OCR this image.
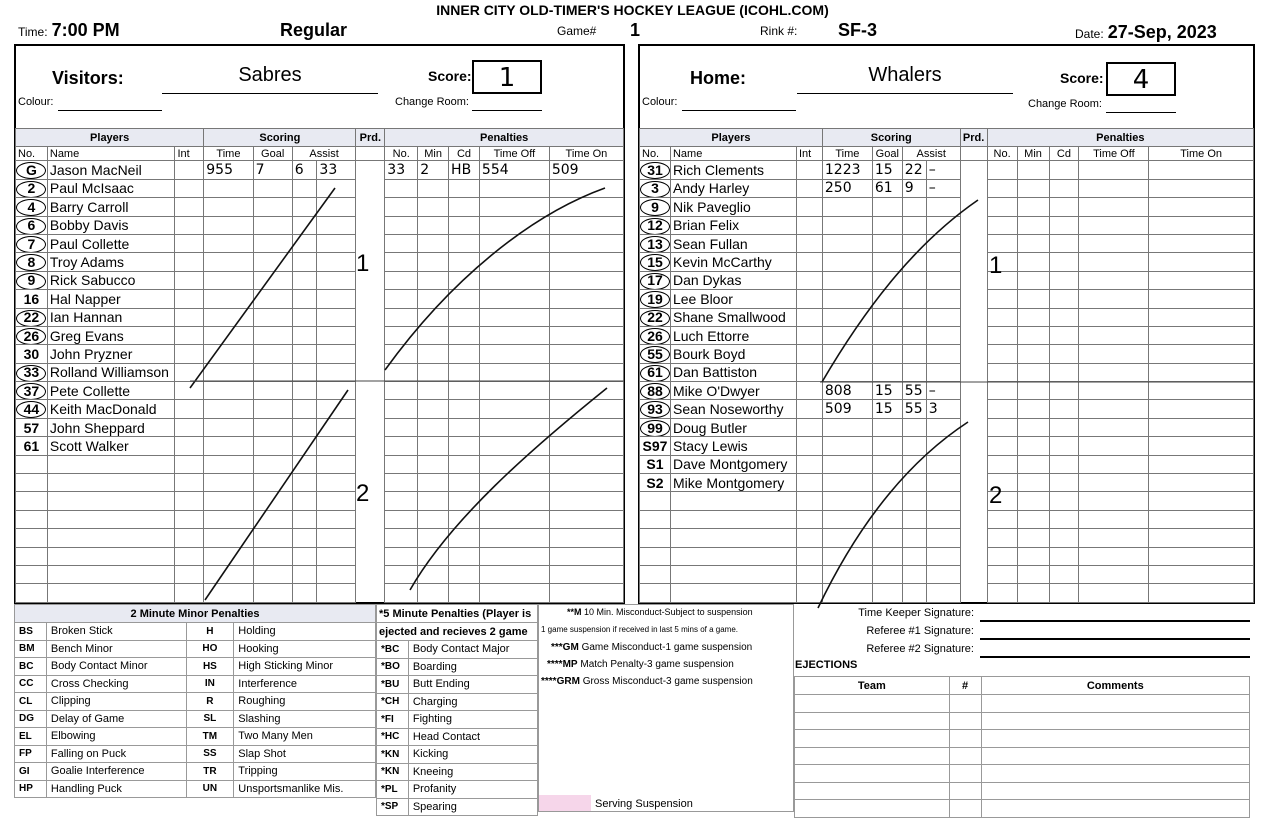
INNER CITY OLD-TIMER'S HOCKEY LEAGUE (ICOHL.COM)
Time: 7:00 PM	Regular	Game# 1	Rink #: SF-3	Date: 27-Sep, 2023
Visitors:	Sabres	Score:	1
Colour:	Change Room:
Players			Scoring				Prd.	Penalties				
No.	Name	Int	Time	Goal	Assist			No.	Min	Cd	Time Off	Time On
G	Jason MacNeil		955	7	6	33		33	2	HB	554	509
2	Paul McIsaac											
4	Barry Carroll											
6	Bobby Davis											
7	Paul Collette											
8	Troy Adams											
9	Rick Sabucco											
16	Hal Napper											
22	Ian Hannan											
26	Greg Evans											
30	John Pryzner											
33	Rolland Williamson											
37	Pete Collette											
44	Keith MacDonald											
57	John Sheppard											
61	Scott Walker											

Home:	Whalers	Score:	4
Colour:	Change Room:
Players			Scoring				Prd.	Penalties				
No.	Name	Int	Time	Goal	Assist			No.	Min	Cd	Time Off	Time On
31	Rich Clements		1223	15	22	–						
3	Andy Harley		250	61	9	–						
9	Nik Paveglio											
12	Brian Felix											
13	Sean Fullan											
15	Kevin McCarthy											
17	Dan Dykas											
19	Lee Bloor											
22	Shane Smallwood											
26	Luch Ettorre											
55	Bourk Boyd											
61	Dan Battiston											
88	Mike O'Dwyer		808	15	55	–						
93	Sean Noseworthy		509	15	55	3						
99	Doug Butler											
S97	Stacy Lewis											
S1	Dave Montgomery											
S2	Mike Montgomery											

1
2
1
2
2 Minute Minor Penalties			
BS	Broken Stick	H	Holding
BM	Bench Minor	HO	Hooking
BC	Body Contact Minor	HS	High Sticking Minor
CC	Cross Checking	IN	Interference
CL	Clipping	R	Roughing
DG	Delay of Game	SL	Slashing
EL	Elbowing	TM	Two Many Men
FP	Falling on Puck	SS	Slap Shot
GI	Goalie Interference	TR	Tripping
HP	Handling Puck	UN	Unsportsmanlike Mis.
*5 Minute Penalties (Player is	
ejected and recieves 2 game	
*BC	Body Contact Major
*BO	Boarding
*BU	Butt Ending
*CH	Charging
*FI	Fighting
*HC	Head Contact
*KN	Kicking
*KN	Kneeing
*PL	Profanity
*SP	Spearing
**M 10 Min. Misconduct-Subject to suspension
1 game suspension if received in last 5 mins of a game.
***GM Game Misconduct-1 game suspension
****MP Match Penalty-3 game suspension
****GRM Gross Misconduct-3 game suspension
Serving Suspension
Time Keeper Signature:
Referee #1 Signature:
Referee #2 Signature:
EJECTIONS
Team	#	Comments
